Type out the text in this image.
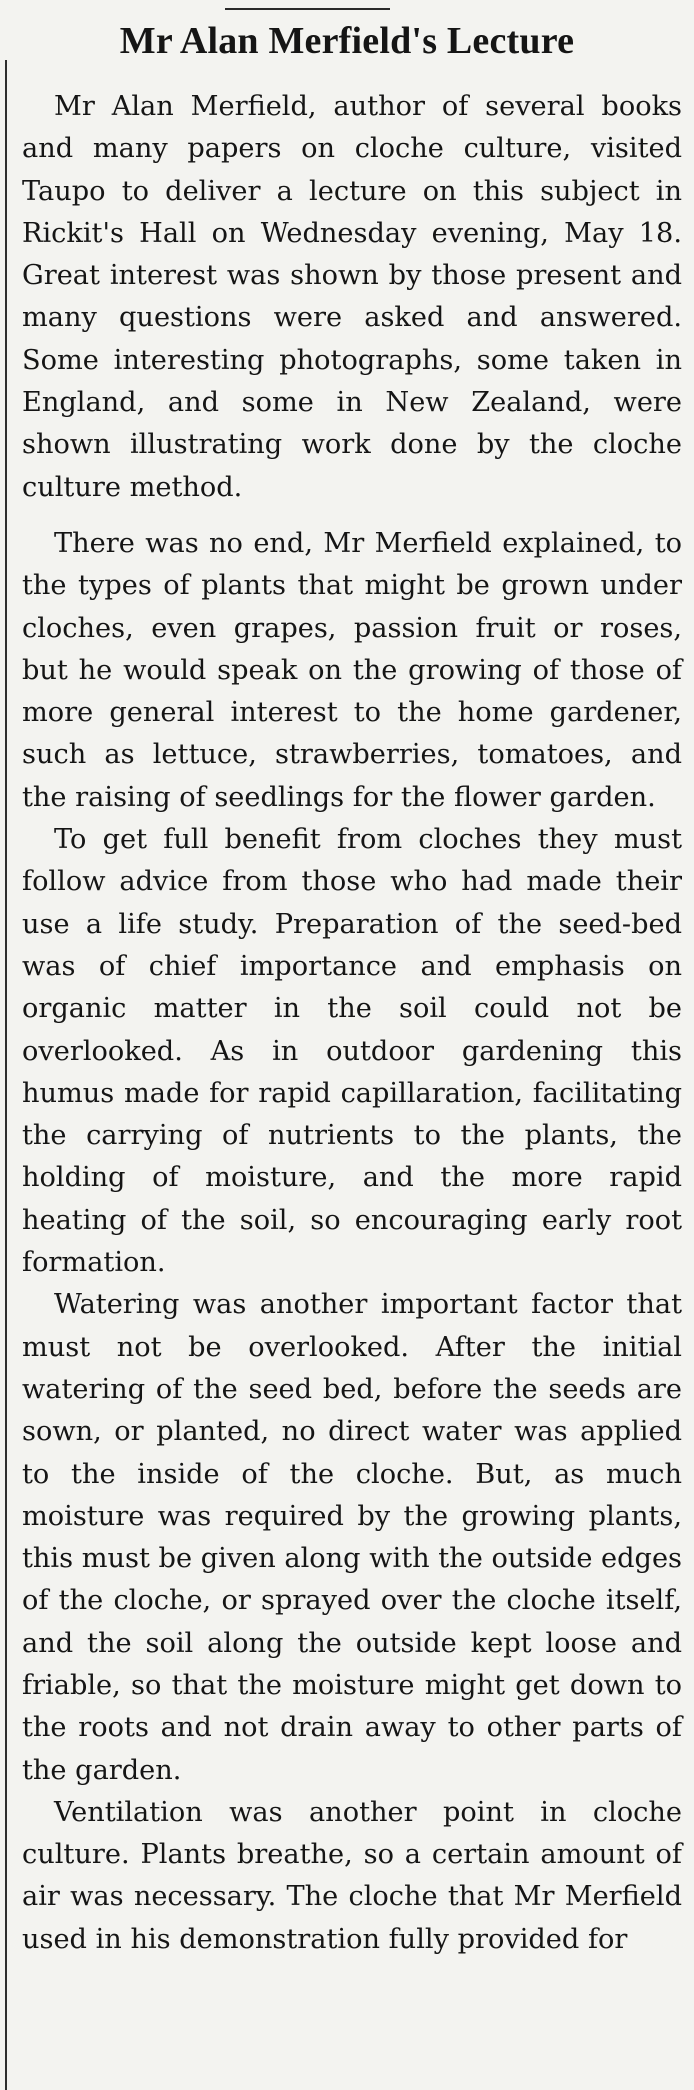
Mr Alan Merfield's Lecture

Mr Alan Merfield, author of several books and many papers on cloche culture, visited Taupo to deliver a lecture on this subject in Rickit's Hall on Wednesday evening, May 18. Great interest was shown by those present and many questions were asked and answered. Some interesting photographs, some taken in England, and some in New Zealand, were shown illustrating work done by the cloche culture method.

There was no end, Mr Merfield explained, to the types of plants that might be grown under cloches, even grapes, passion fruit or roses, but he would speak on the growing of those of more general interest to the home gardener, such as lettuce, strawberries, tomatoes, and the raising of seedlings for the flower garden.

To get full benefit from cloches they must follow advice from those who had made their use a life study. Preparation of the seed-bed was of chief importance and emphasis on organic matter in the soil could not be overlooked. As in outdoor gardening this humus made for rapid capillaration, facilitating the carrying of nutrients to the plants, the holding of moisture, and the more rapid heating of the soil, so encouraging early root formation.

Watering was another important factor that must not be overlooked. After the initial watering of the seed bed, before the seeds are sown, or planted, no direct water was applied to the inside of the cloche. But, as much moisture was required by the growing plants, this must be given along with the outside edges of the cloche, or sprayed over the cloche itself, and the soil along the outside kept loose and friable, so that the moisture might get down to the roots and not drain away to other parts of the garden.

Ventilation was another point in cloche culture. Plants breathe, so a certain amount of air was necessary. The cloche that Mr Merfield used in his demonstration fully provided for
